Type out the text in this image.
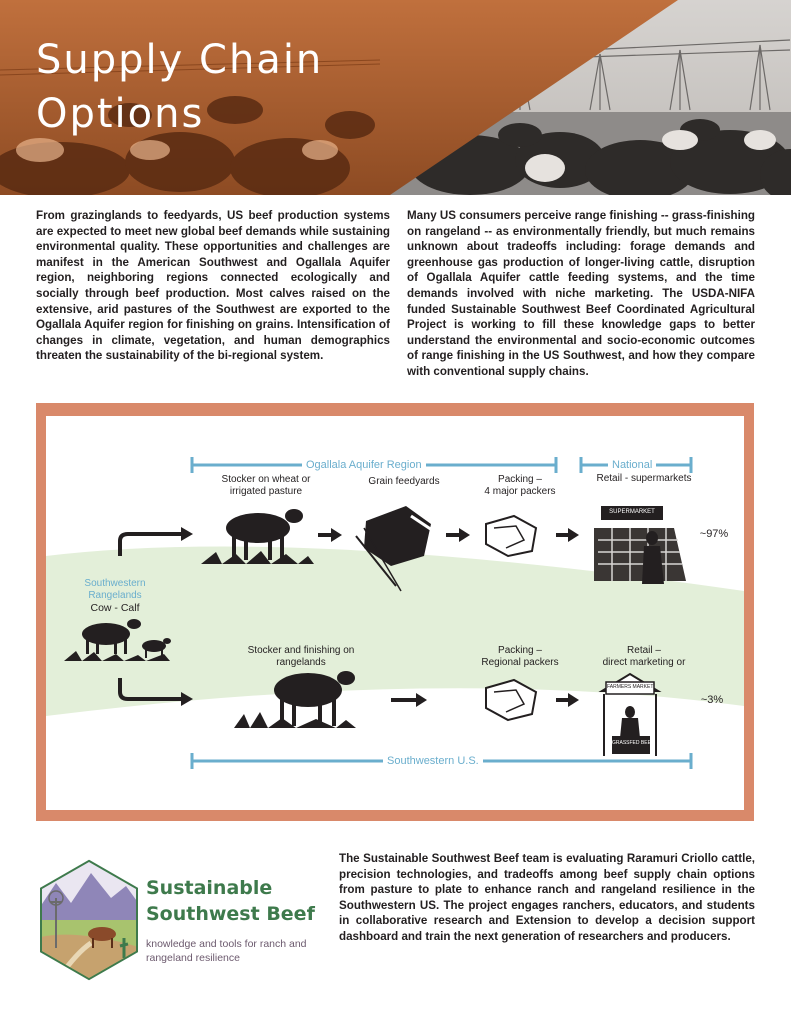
Supply Chain
Options

From grazinglands to feedyards, US beef production systems are expected to meet new global beef demands while sustaining environmental quality. These opportunities and challenges are manifest in the American Southwest and Ogallala Aquifer region, neighboring regions connected ecologically and socially through beef production. Most calves raised on the extensive, arid pastures of the Southwest are exported to the Ogallala Aquifer region for finishing on grains. Intensification of changes in climate, vegetation, and human demographics threaten the sustainability of the bi-regional system.

Many US consumers perceive range finishing -- grass-finishing on rangeland -- as environmentally friendly, but much remains unknown about tradeoffs including: forage demands and greenhouse gas production of longer-living cattle, disruption of Ogallala Aquifer cattle feeding systems, and the time demands involved with niche marketing. The USDA-NIFA funded Sustainable Southwest Beef Coordinated Agricultural Project is working to fill these knowledge gaps to better understand the environmental and socio-economic outcomes of range finishing in the US Southwest, and how they compare with conventional supply chains.

Ogallala Aquifer Region	National
Southwestern U.S.
Southwestern
Rangelands
Cow - Calf
Stocker on wheat or
irrigated pasture
Grain feedyards	Packing –
4 major packers
Retail - supermarkets
SUPERMARKET
~97%
Stocker and finishing on
rangelands
Packing –
Regional packers
Retail –
direct marketing or
FARMERS MARKET
GRASSFED BEEF
~3%
Sustainable
Southwest Beef
knowledge and tools for ranch and rangeland resilience

The Sustainable Southwest Beef team is evaluating Raramuri Criollo cattle, precision technologies, and tradeoffs among beef supply chain options from pasture to plate to enhance ranch and rangeland resilience in the Southwestern US. The project engages ranchers, educators, and students in collaborative research and Extension to develop a decision support dashboard and train the next generation of researchers and producers.
